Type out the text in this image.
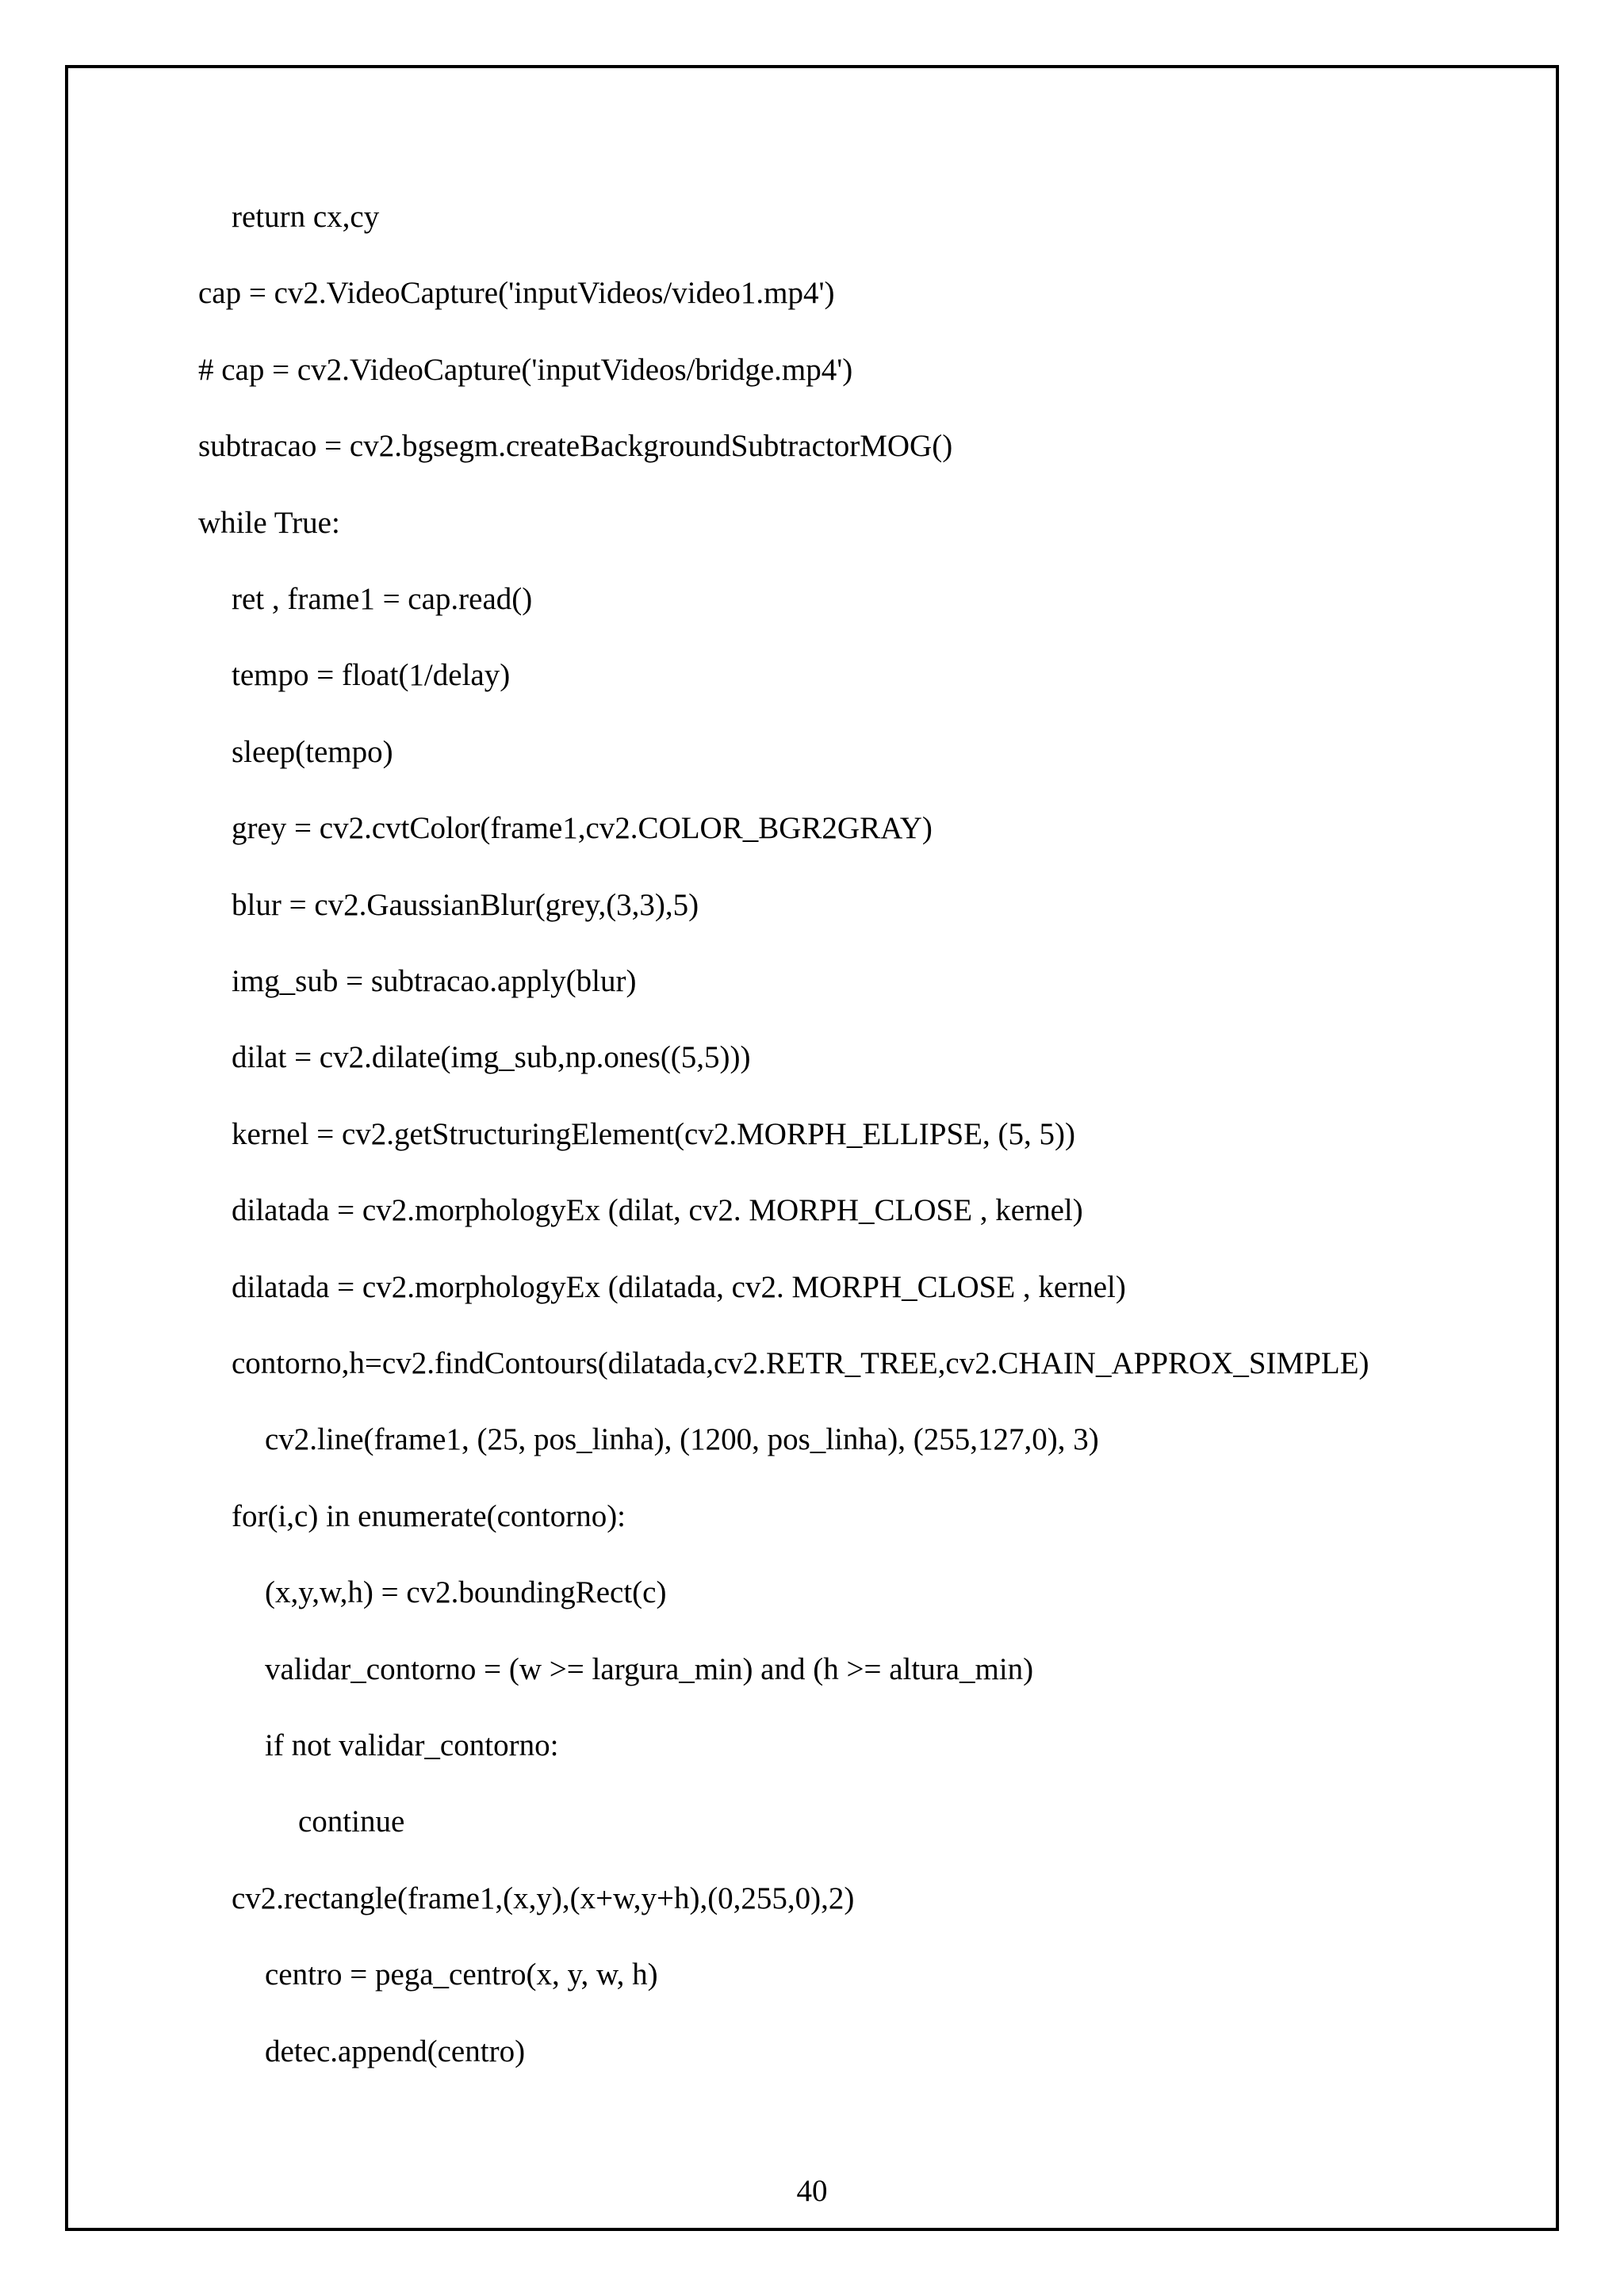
return cx,cy
cap = cv2.VideoCapture('inputVideos/video1.mp4')
# cap = cv2.VideoCapture('inputVideos/bridge.mp4')
subtracao = cv2.bgsegm.createBackgroundSubtractorMOG()
while True:
ret , frame1 = cap.read()
tempo = float(1/delay)
sleep(tempo)
grey = cv2.cvtColor(frame1,cv2.COLOR_BGR2GRAY)
blur = cv2.GaussianBlur(grey,(3,3),5)
img_sub = subtracao.apply(blur)
dilat = cv2.dilate(img_sub,np.ones((5,5)))
kernel = cv2.getStructuringElement(cv2.MORPH_ELLIPSE, (5, 5))
dilatada = cv2.morphologyEx (dilat, cv2. MORPH_CLOSE , kernel)
dilatada = cv2.morphologyEx (dilatada, cv2. MORPH_CLOSE , kernel)
contorno,h=cv2.findContours(dilatada,cv2.RETR_TREE,cv2.CHAIN_APPROX_SIMPLE)
cv2.line(frame1, (25, pos_linha), (1200, pos_linha), (255,127,0), 3)
for(i,c) in enumerate(contorno):
(x,y,w,h) = cv2.boundingRect(c)
validar_contorno = (w >= largura_min) and (h >= altura_min)
if not validar_contorno:
continue
cv2.rectangle(frame1,(x,y),(x+w,y+h),(0,255,0),2)
centro = pega_centro(x, y, w, h)
detec.append(centro)
40
